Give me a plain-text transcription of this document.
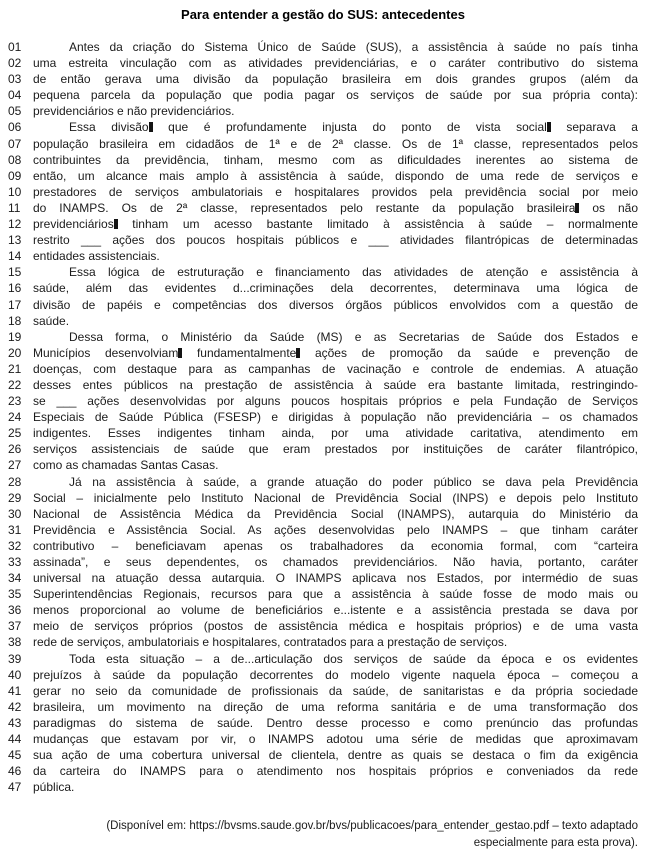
Para entender a gestão do SUS: antecedentes
01	Antes da criação do Sistema Único de Saúde (SUS), a assistência à saúde no país tinha
02 uma estreita vinculação com as atividades previdenciárias, e o caráter contributivo do sistema
03 de então gerava uma divisão da população brasileira em dois grandes grupos (além da
04 pequena parcela da população que podia pagar os serviços de saúde por sua própria conta):
05 previdenciários e não previdenciários.
06	Essa divisão que é profundamente injusta do ponto de vista social separava a
07 população brasileira em cidadãos de 1ª e de 2ª classe. Os de 1ª classe, representados pelos
08 contribuintes da previdência, tinham, mesmo com as dificuldades inerentes ao sistema de
09 então, um alcance mais amplo à assistência à saúde, dispondo de uma rede de serviços e
10 prestadores de serviços ambulatoriais e hospitalares providos pela previdência social por meio
11	do INAMPS. Os de 2ª classe, representados pelo restante da população brasileira os não
12 previdenciários tinham um acesso bastante limitado à assistência à saúde – normalmente
13 restrito ___ ações dos poucos hospitais públicos e ___ atividades filantrópicas de determinadas
14 entidades assistenciais.
15	Essa lógica de estruturação e financiamento das atividades de atenção e assistência à
16 saúde, além das evidentes d...criminações dela decorrentes, determinava uma lógica de
17 divisão de papéis e competências dos diversos órgãos públicos envolvidos com a questão de
18 saúde.
19	Dessa forma, o Ministério da Saúde (MS) e as Secretarias de Saúde dos Estados e
20 Municípios desenvolviam fundamentalmente ações de promoção da saúde e prevenção de
21 doenças, com destaque para as campanhas de vacinação e controle de endemias. A atuação
22 desses entes públicos na prestação de assistência à saúde era bastante limitada, restringindo-
23 se ___ ações desenvolvidas por alguns poucos hospitais próprios e pela Fundação de Serviços
24 Especiais de Saúde Pública (FSESP) e dirigidas à população não previdenciária – os chamados
25 indigentes. Esses indigentes tinham ainda, por uma atividade caritativa, atendimento em
26 serviços assistenciais de saúde que eram prestados por instituições de caráter filantrópico,
27 como as chamadas Santas Casas.
28	Já na assistência à saúde, a grande atuação do poder público se dava pela Previdência
29 Social – inicialmente pelo Instituto Nacional de Previdência Social (INPS) e depois pelo Instituto
30 Nacional de Assistência Médica da Previdência Social (INAMPS), autarquia do Ministério da
31 Previdência e Assistência Social. As ações desenvolvidas pelo INAMPS – que tinham caráter
32 contributivo – beneficiavam apenas os trabalhadores da economia formal, com “carteira
33 assinada”, e seus dependentes, os chamados previdenciários. Não havia, portanto, caráter
34 universal na atuação dessa autarquia. O INAMPS aplicava nos Estados, por intermédio de suas
35 Superintendências Regionais, recursos para que a assistência à saúde fosse de modo mais ou
36 menos proporcional ao volume de beneficiários e...istente e a assistência prestada se dava por
37 meio de serviços próprios (postos de assistência médica e hospitais próprios) e de uma vasta
38 rede de serviços, ambulatoriais e hospitalares, contratados para a prestação de serviços.
39	Toda esta situação – a de...articulação dos serviços de saúde da época e os evidentes
40 prejuízos à saúde da população decorrentes do modelo vigente naquela época – começou a
41 gerar no seio da comunidade de profissionais da saúde, de sanitaristas e da própria sociedade
42 brasileira, um movimento na direção de uma reforma sanitária e de uma transformação dos
43 paradigmas do sistema de saúde. Dentro desse processo e como prenúncio das profundas
44 mudanças que estavam por vir, o INAMPS adotou uma série de medidas que aproximavam
45 sua ação de uma cobertura universal de clientela, dentre as quais se destaca o fim da exigência
46 da carteira do INAMPS para o atendimento nos hospitais próprios e conveniados da rede
47 pública.
(Disponível em: https://bvsms.saude.gov.br/bvs/publicacoes/para_entender_gestao.pdf – texto adaptado
especialmente para esta prova).
